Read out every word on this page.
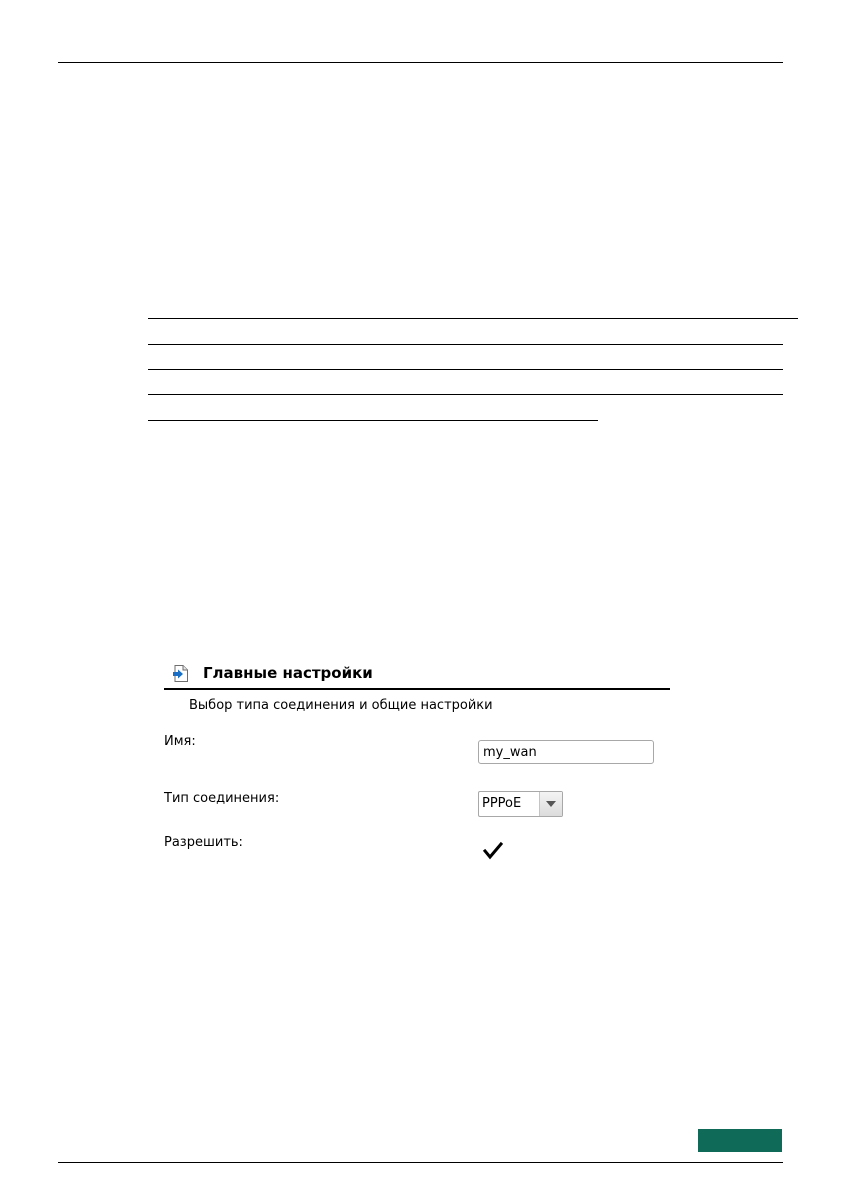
Главные настройки
Выбор типа соединения и общие настройки
Имя:
my_wan
Тип соединения:	PPPoE
Разрешить:
